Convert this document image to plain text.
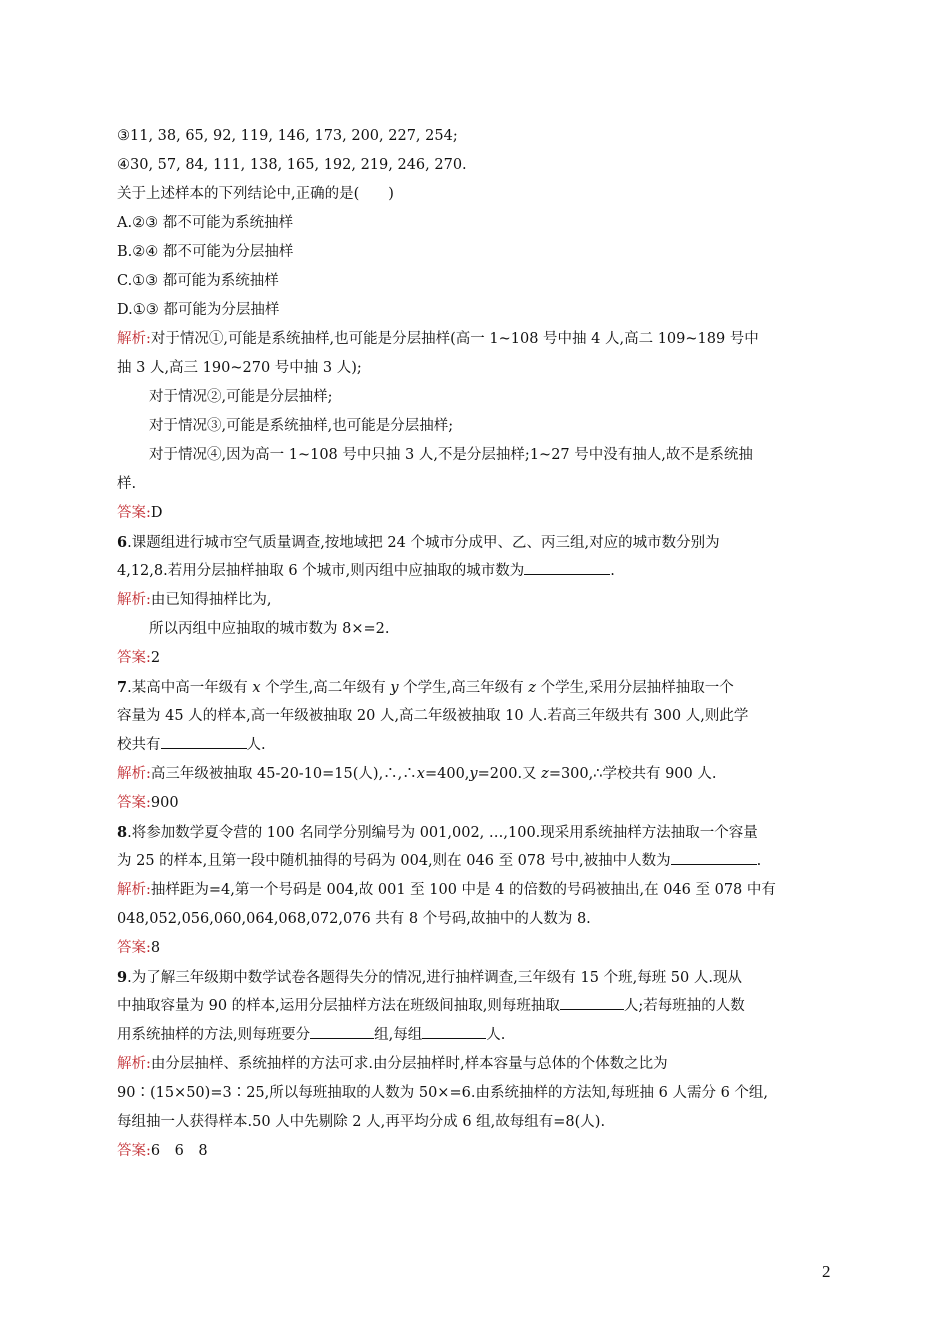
③11, 38, 65, 92, 119, 146, 173, 200, 227, 254;
④30, 57, 84, 111, 138, 165, 192, 219, 246, 270.
关于上述样本的下列结论中,正确的是(　　)
A.②③ 都不可能为系统抽样
B.②④ 都不可能为分层抽样
C.①③ 都可能为系统抽样
D.①③ 都可能为分层抽样
解析:对于情况①,可能是系统抽样,也可能是分层抽样(高一 1~108 号中抽 4 人,高二 109~189 号中
抽 3 人,高三 190~270 号中抽 3 人);
对于情况②,可能是分层抽样;
对于情况③,可能是系统抽样,也可能是分层抽样;
对于情况④,因为高一 1~108 号中只抽 3 人,不是分层抽样;1~27 号中没有抽人,故不是系统抽
样.
答案:D
6.课题组进行城市空气质量调查,按地域把 24 个城市分成甲、乙、丙三组,对应的城市数分别为
4,12,8.若用分层抽样抽取 6 个城市,则丙组中应抽取的城市数为	.
解析:由已知得抽样比为,
所以丙组中应抽取的城市数为 8×=2.
答案:2
7.某高中高一年级有 x 个学生,高二年级有 y 个学生,高三年级有 z 个学生,采用分层抽样抽取一个
容量为 45 人的样本,高一年级被抽取 20 人,高二年级被抽取 10 人.若高三年级共有 300 人,则此学
校共有	人.
解析:高三年级被抽取 45-20-10=15(人),∴,∴x=400,y=200.又 z=300,∴学校共有 900 人.
答案:900
8.将参加数学夏令营的 100 名同学分别编号为 001,002, …,100.现采用系统抽样方法抽取一个容量
为 25 的样本,且第一段中随机抽得的号码为 004,则在 046 至 078 号中,被抽中人数为	.
解析:抽样距为=4,第一个号码是 004,故 001 至 100 中是 4 的倍数的号码被抽出,在 046 至 078 中有
048,052,056,060,064,068,072,076 共有 8 个号码,故抽中的人数为 8.
答案:8
9.为了解三年级期中数学试卷各题得失分的情况,进行抽样调查,三年级有 15 个班,每班 50 人.现从
中抽取容量为 90 的样本,运用分层抽样方法在班级间抽取,则每班抽取	人;若每班抽的人数
用系统抽样的方法,则每班要分	组,每组	人.
解析:由分层抽样、系统抽样的方法可求.由分层抽样时,样本容量与总体的个体数之比为
90∶(15×50)=3∶25,所以每班抽取的人数为 50×=6.由系统抽样的方法知,每班抽 6 人需分 6 个组,
每组抽一人获得样本.50 人中先剔除 2 人,再平均分成 6 组,故每组有=8(人).
答案:6　6　8
2
